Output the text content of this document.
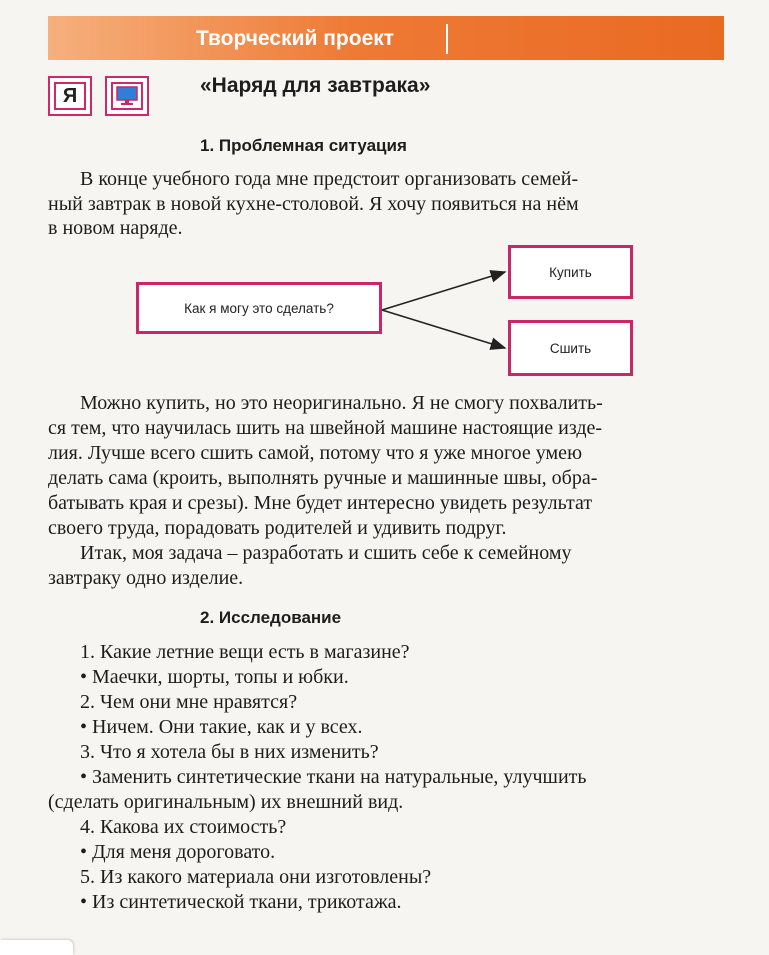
Творческий проект
Я	«Наряд для завтрака»
1. Проблемная ситуация
В конце учебного года мне предстоит организовать семей-
ный завтрак в новой кухне-столовой. Я хочу появиться на нём
в новом наряде.
Как я могу это сделать?
Купить
Сшить
Можно купить, но это неоригинально. Я не смогу похвалить-
ся тем, что научилась шить на швейной машине настоящие изде-
лия. Лучше всего сшить самой, потому что я уже многое умею
делать сама (кроить, выполнять ручные и машинные швы, обра-
батывать края и срезы). Мне будет интересно увидеть результат
своего труда, порадовать родителей и удивить подруг.
Итак, моя задача – разработать и сшить себе к семейному
завтраку одно изделие.
2. Исследование
1. Какие летние вещи есть в магазине?
• Маечки, шорты, топы и юбки.
2. Чем они мне нравятся?
• Ничем. Они такие, как и у всех.
3. Что я хотела бы в них изменить?
• Заменить синтетические ткани на натуральные, улучшить
(сделать оригинальным) их внешний вид.
4. Какова их стоимость?
• Для меня дороговато.
5. Из какого материала они изготовлены?
• Из синтетической ткани, трикотажа.
